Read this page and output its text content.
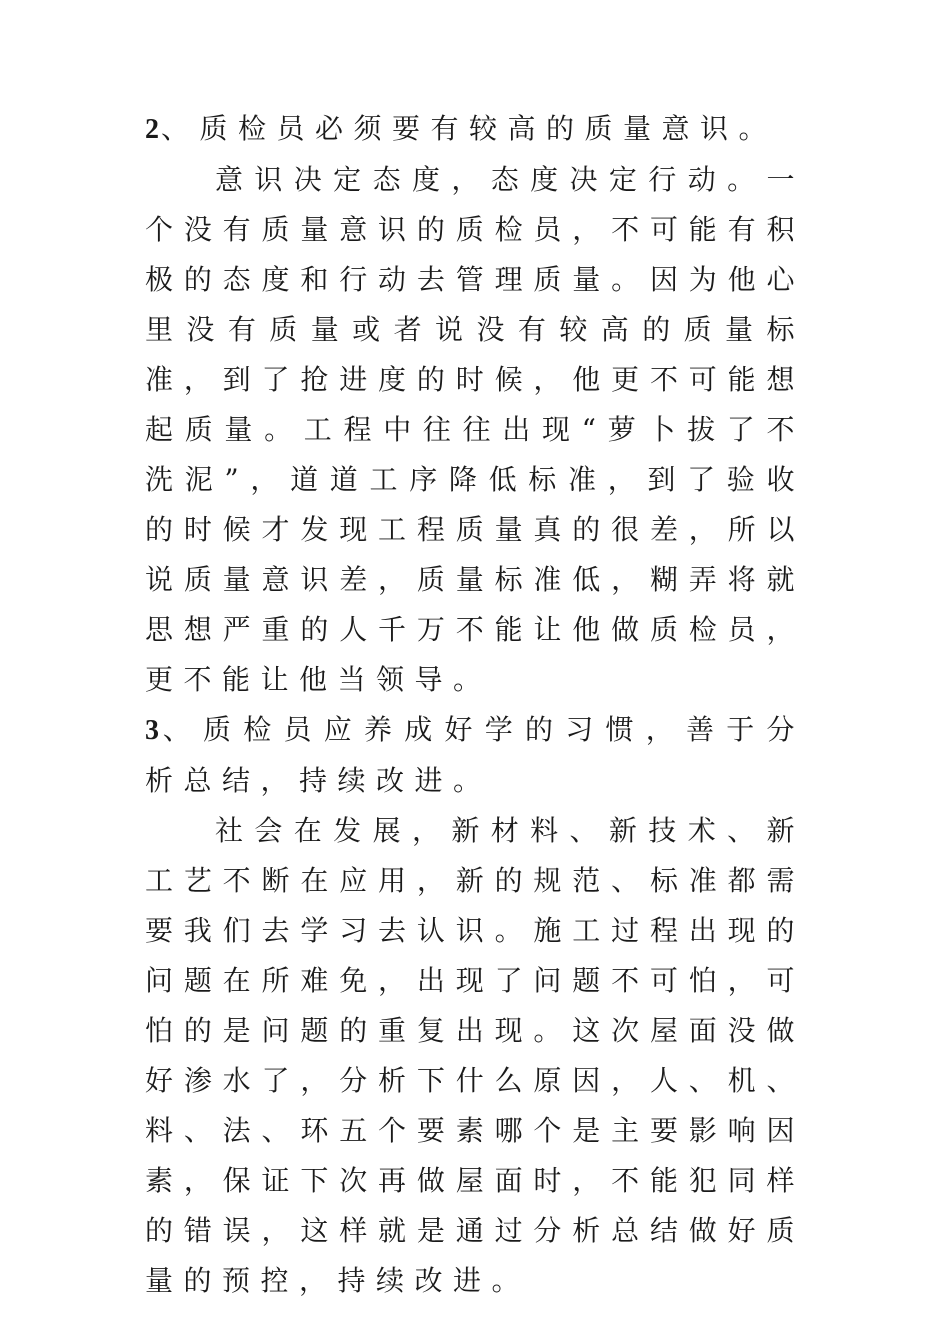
2、质检员必须要有较高的质量意识。

意识决定态度，态度决定行动。一个没有质量意识的质检员，不可能有积极的态度和行动去管理质量。因为他心里没有质量或者说没有较高的质量标准，到了抢进度的时候，他更不可能想起质量。工程中往往出现“萝卜拔了不洗泥”，道道工序降低标准，到了验收的时候才发现工程质量真的很差，所以说质量意识差，质量标准低，糊弄将就思想严重的人千万不能让他做质检员，更不能让他当领导。

3、质检员应养成好学的习惯，善于分析总结，持续改进。

社会在发展，新材料、新技术、新工艺不断在应用，新的规范、标准都需要我们去学习去认识。施工过程出现的问题在所难免，出现了问题不可怕，可怕的是问题的重复出现。这次屋面没做好渗水了，分析下什么原因，人、机、料、法、环五个要素哪个是主要影响因素，保证下次再做屋面时，不能犯同样的错误，这样就是通过分析总结做好质量的预控，持续改进。
